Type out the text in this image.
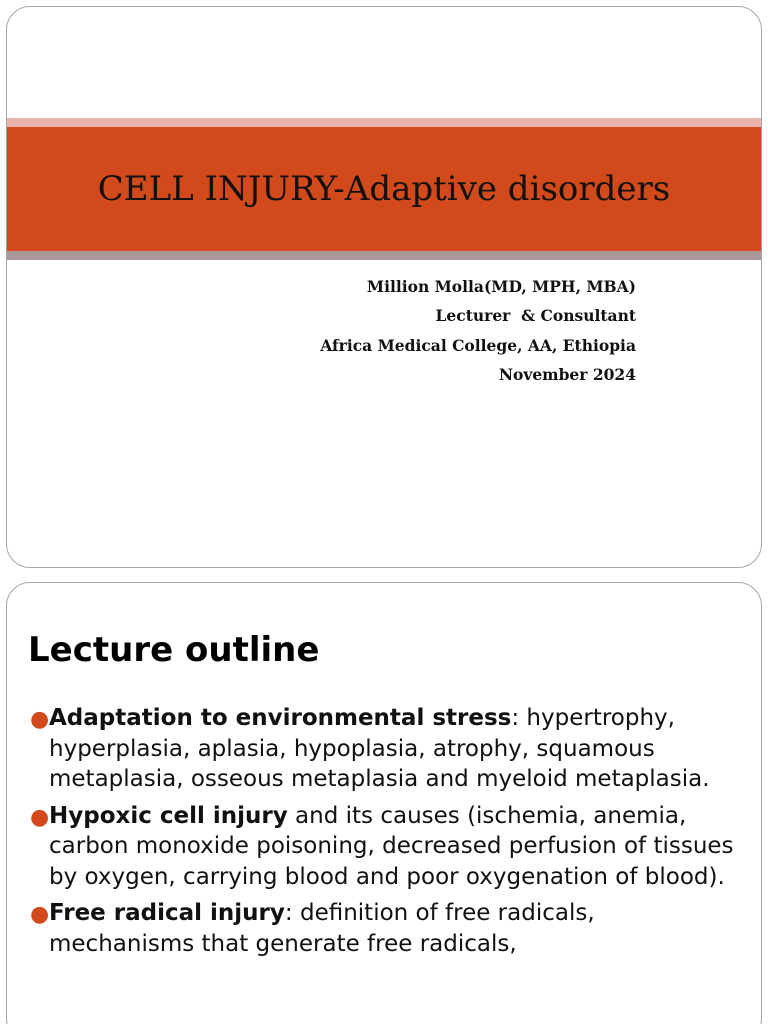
CELL INJURY-Adaptive disorders
Million Molla(MD, MPH, MBA)
Lecturer  & Consultant
Africa Medical College, AA, Ethiopia
November 2024
Lecture outline
● Adaptation to environmental stress: hypertrophy, hyperplasia, aplasia, hypoplasia, atrophy, squamous metaplasia, osseous metaplasia and myeloid metaplasia.
● Hypoxic cell injury and its causes (ischemia, anemia, carbon monoxide poisoning, decreased perfusion of tissues by oxygen, carrying blood and poor oxygenation of blood).
● Free radical injury: definition of free radicals, mechanisms that generate free radicals,
